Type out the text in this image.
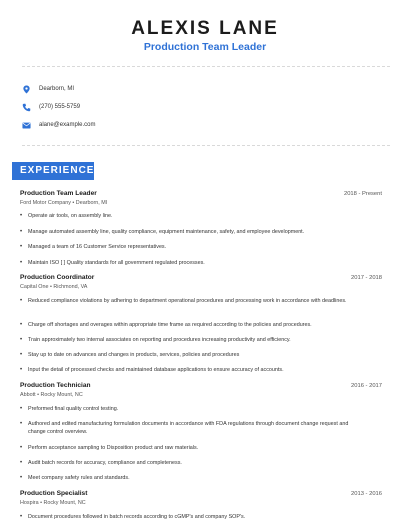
ALEXIS LANE
Production Team Leader
Dearborn, MI
(270) 555-5759
alane@example.com
EXPERIENCE
Production Team Leader	2018 - Present
Ford Motor Company • Dearborn, MI
•	Operate air tools, on assembly line.
•	Manage automated assembly line, quality compliance, equipment maintenance, safety, and employee development.
•	Managed a team of 16 Customer Service representatives.
•	Maintain ISO [ ] Quality standards for all government regulated processes.
Production Coordinator	2017 - 2018
Capital One • Richmond, VA
•	Reduced compliance violations by adhering to department operational procedures and processing work in accordance with deadlines.
•	Charge off shortages and overages within appropriate time frame as required according to the policies and procedures.
•	Train approximately two internal associates on reporting and procedures increasing productivity and efficiency.
•	Stay up to date on advances and changes in products, services, policies and procedures
•	Input the detail of processed checks and maintained database applications to ensure accuracy of accounts.
Production Technician	2016 - 2017
Abbott • Rocky Mount, NC
•	Preformed final quality control testing.
•	Authored and edited manufacturing formulation documents in accordance with FDA regulations through document change request and change control overview.
•	Perform acceptance sampling to Disposition product and raw materials.
•	Audit batch records for accuracy, compliance and completeness.
•	Meet company safety rules and standards.
Production Specialist	2013 - 2016
Hospira • Rocky Mount, NC
•	Document procedures followed in batch records according to cGMP's and company SOP's.
